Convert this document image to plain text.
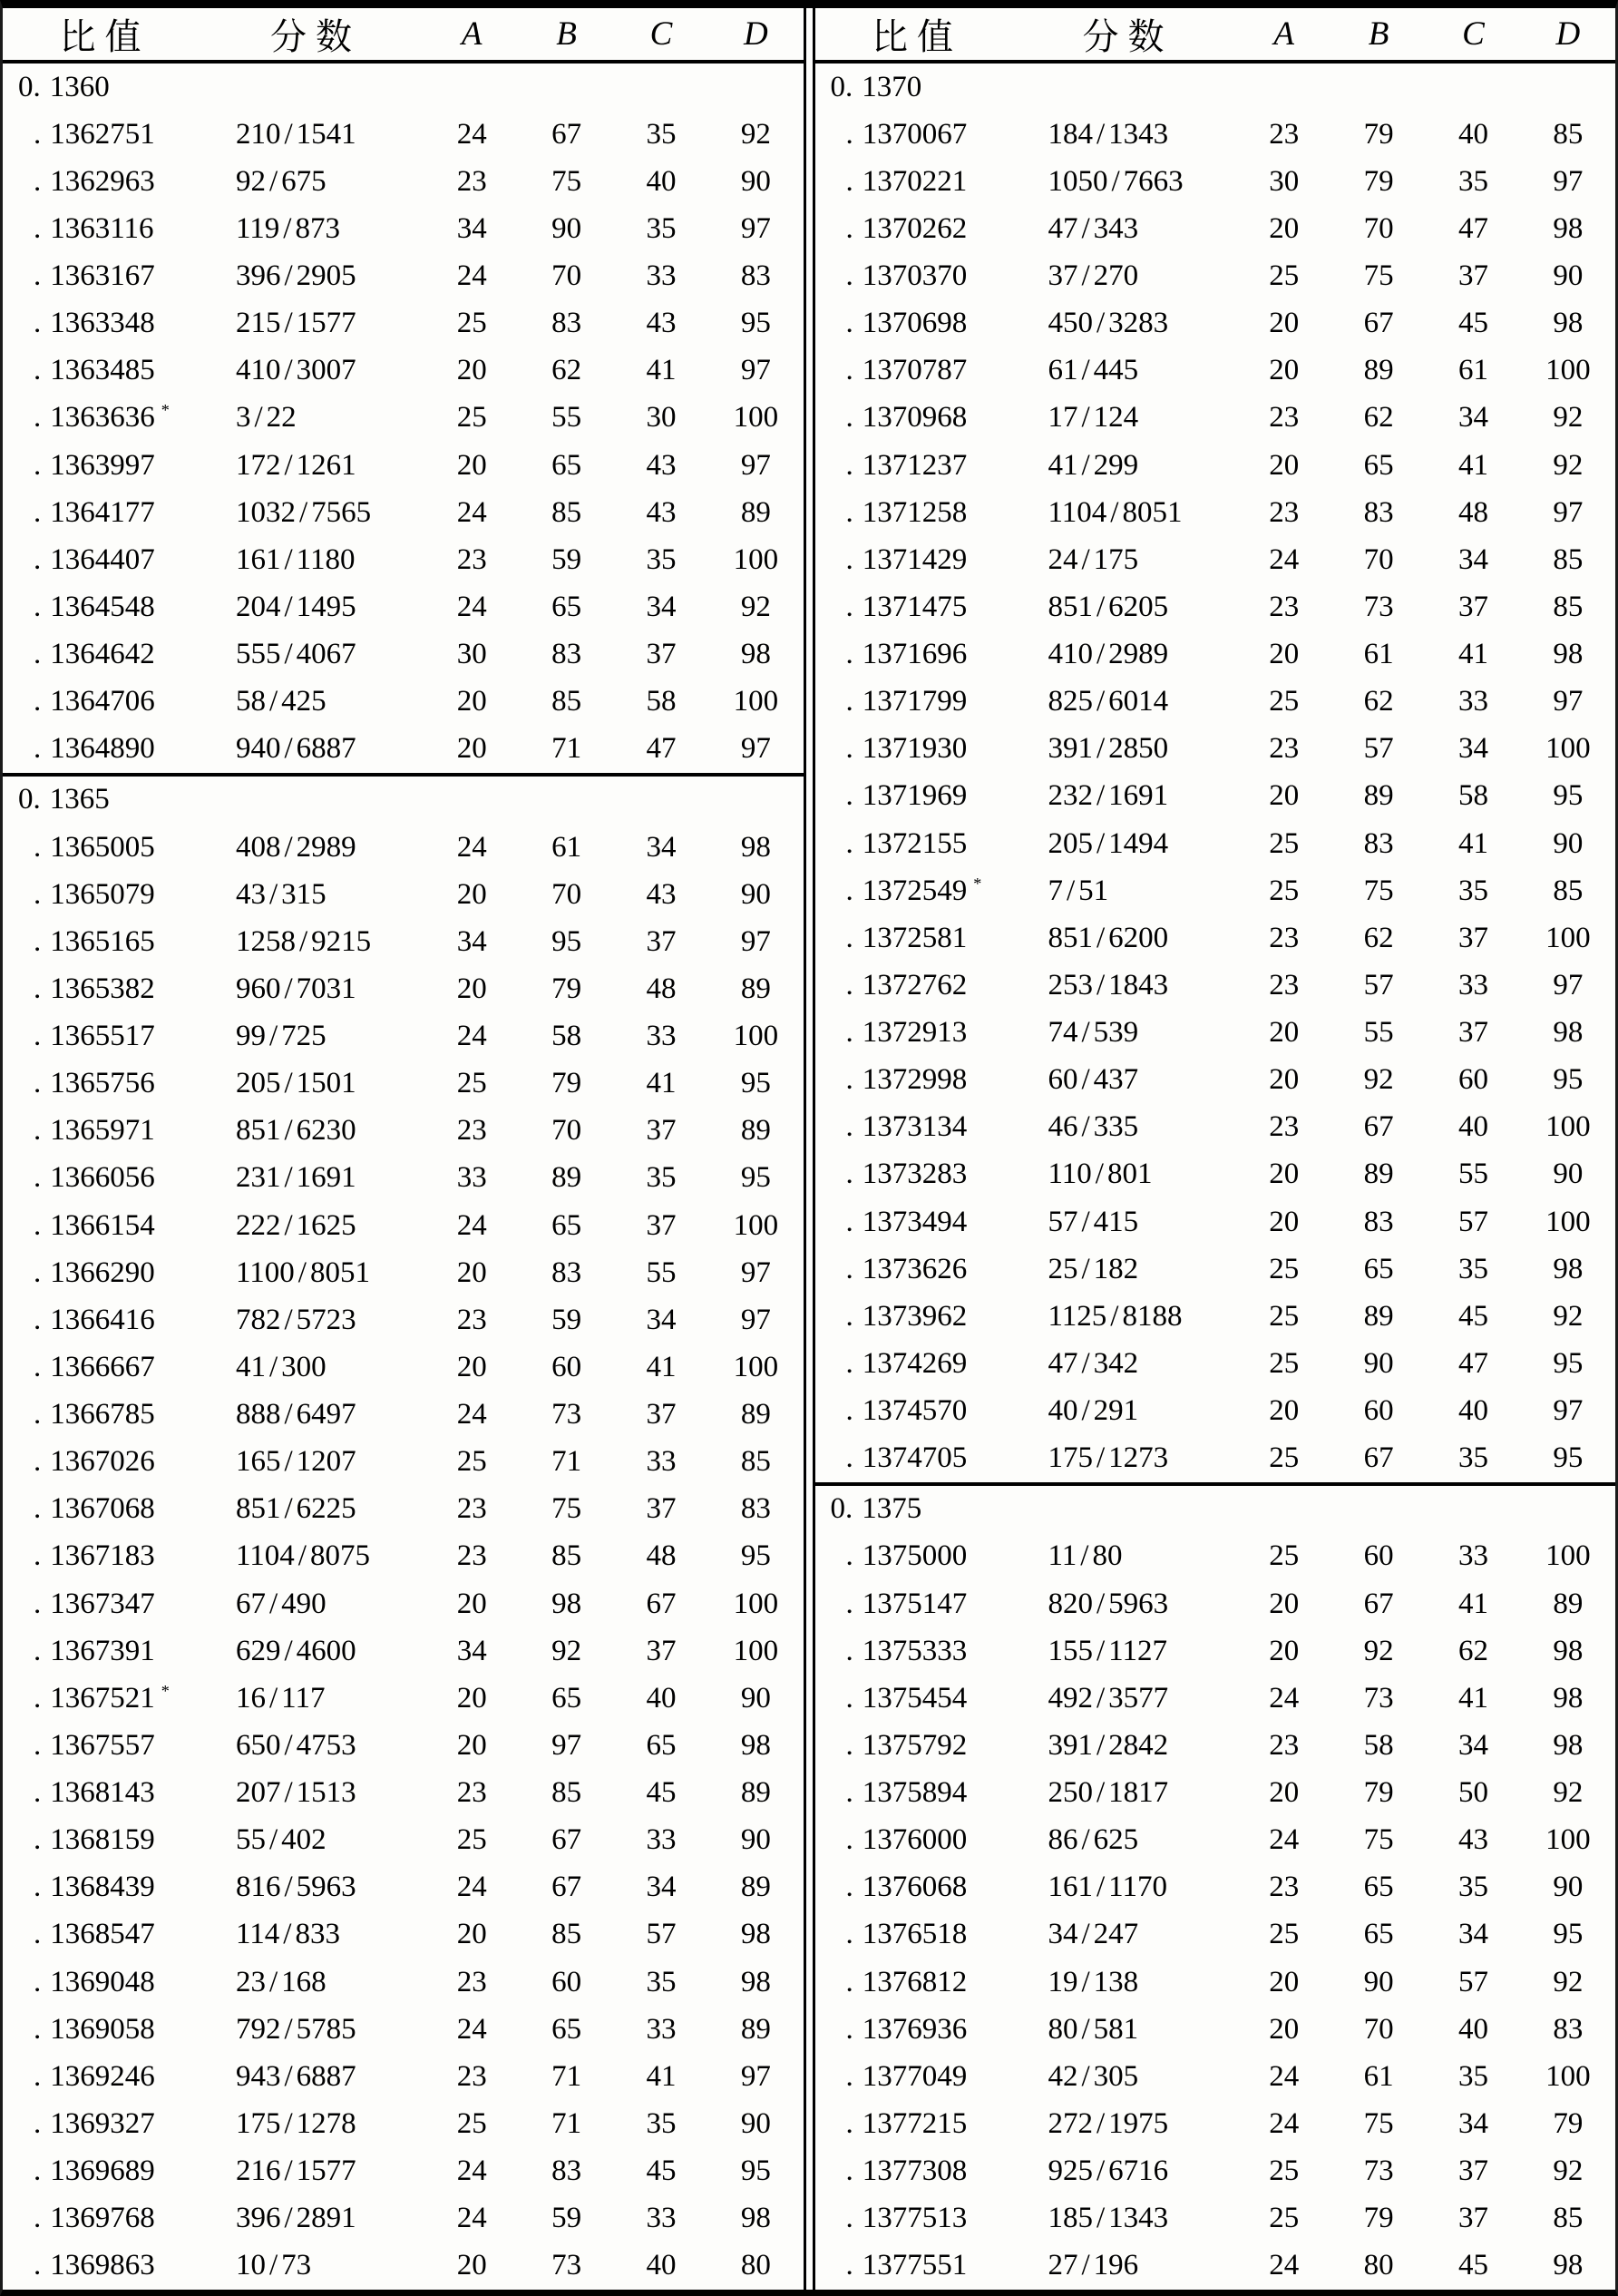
比值	分数	A	B	C	D
0. 1360
. 1362751	210 / 1541	24	67	35	92
. 1362963	92 / 675	23	75	40	90
. 1363116	119 / 873	34	90	35	97
. 1363167	396 / 2905	24	70	33	83
. 1363348	215 / 1577	25	83	43	95
. 1363485	410 / 3007	20	62	41	97
. 1363636 *	3 / 22	25	55	30	100
. 1363997	172 / 1261	20	65	43	97
. 1364177	1032 / 7565	24	85	43	89
. 1364407	161 / 1180	23	59	35	100
. 1364548	204 / 1495	24	65	34	92
. 1364642	555 / 4067	30	83	37	98
. 1364706	58 / 425	20	85	58	100
. 1364890	940 / 6887	20	71	47	97
0. 1365
. 1365005	408 / 2989	24	61	34	98
. 1365079	43 / 315	20	70	43	90
. 1365165	1258 / 9215	34	95	37	97
. 1365382	960 / 7031	20	79	48	89
. 1365517	99 / 725	24	58	33	100
. 1365756	205 / 1501	25	79	41	95
. 1365971	851 / 6230	23	70	37	89
. 1366056	231 / 1691	33	89	35	95
. 1366154	222 / 1625	24	65	37	100
. 1366290	1100 / 8051	20	83	55	97
. 1366416	782 / 5723	23	59	34	97
. 1366667	41 / 300	20	60	41	100
. 1366785	888 / 6497	24	73	37	89
. 1367026	165 / 1207	25	71	33	85
. 1367068	851 / 6225	23	75	37	83
. 1367183	1104 / 8075	23	85	48	95
. 1367347	67 / 490	20	98	67	100
. 1367391	629 / 4600	34	92	37	100
. 1367521 *	16 / 117	20	65	40	90
. 1367557	650 / 4753	20	97	65	98
. 1368143	207 / 1513	23	85	45	89
. 1368159	55 / 402	25	67	33	90
. 1368439	816 / 5963	24	67	34	89
. 1368547	114 / 833	20	85	57	98
. 1369048	23 / 168	23	60	35	98
. 1369058	792 / 5785	24	65	33	89
. 1369246	943 / 6887	23	71	41	97
. 1369327	175 / 1278	25	71	35	90
. 1369689	216 / 1577	24	83	45	95
. 1369768	396 / 2891	24	59	33	98
. 1369863	10 / 73	20	73	40	80
比值	分数	A	B	C	D
0. 1370
. 1370067	184 / 1343	23	79	40	85
. 1370221	1050 / 7663	30	79	35	97
. 1370262	47 / 343	20	70	47	98
. 1370370	37 / 270	25	75	37	90
. 1370698	450 / 3283	20	67	45	98
. 1370787	61 / 445	20	89	61	100
. 1370968	17 / 124	23	62	34	92
. 1371237	41 / 299	20	65	41	92
. 1371258	1104 / 8051	23	83	48	97
. 1371429	24 / 175	24	70	34	85
. 1371475	851 / 6205	23	73	37	85
. 1371696	410 / 2989	20	61	41	98
. 1371799	825 / 6014	25	62	33	97
. 1371930	391 / 2850	23	57	34	100
. 1371969	232 / 1691	20	89	58	95
. 1372155	205 / 1494	25	83	41	90
. 1372549 *	7 / 51	25	75	35	85
. 1372581	851 / 6200	23	62	37	100
. 1372762	253 / 1843	23	57	33	97
. 1372913	74 / 539	20	55	37	98
. 1372998	60 / 437	20	92	60	95
. 1373134	46 / 335	23	67	40	100
. 1373283	110 / 801	20	89	55	90
. 1373494	57 / 415	20	83	57	100
. 1373626	25 / 182	25	65	35	98
. 1373962	1125 / 8188	25	89	45	92
. 1374269	47 / 342	25	90	47	95
. 1374570	40 / 291	20	60	40	97
. 1374705	175 / 1273	25	67	35	95
0. 1375
. 1375000	11 / 80	25	60	33	100
. 1375147	820 / 5963	20	67	41	89
. 1375333	155 / 1127	20	92	62	98
. 1375454	492 / 3577	24	73	41	98
. 1375792	391 / 2842	23	58	34	98
. 1375894	250 / 1817	20	79	50	92
. 1376000	86 / 625	24	75	43	100
. 1376068	161 / 1170	23	65	35	90
. 1376518	34 / 247	25	65	34	95
. 1376812	19 / 138	20	90	57	92
. 1376936	80 / 581	20	70	40	83
. 1377049	42 / 305	24	61	35	100
. 1377215	272 / 1975	24	75	34	79
. 1377308	925 / 6716	25	73	37	92
. 1377513	185 / 1343	25	79	37	85
. 1377551	27 / 196	24	80	45	98
